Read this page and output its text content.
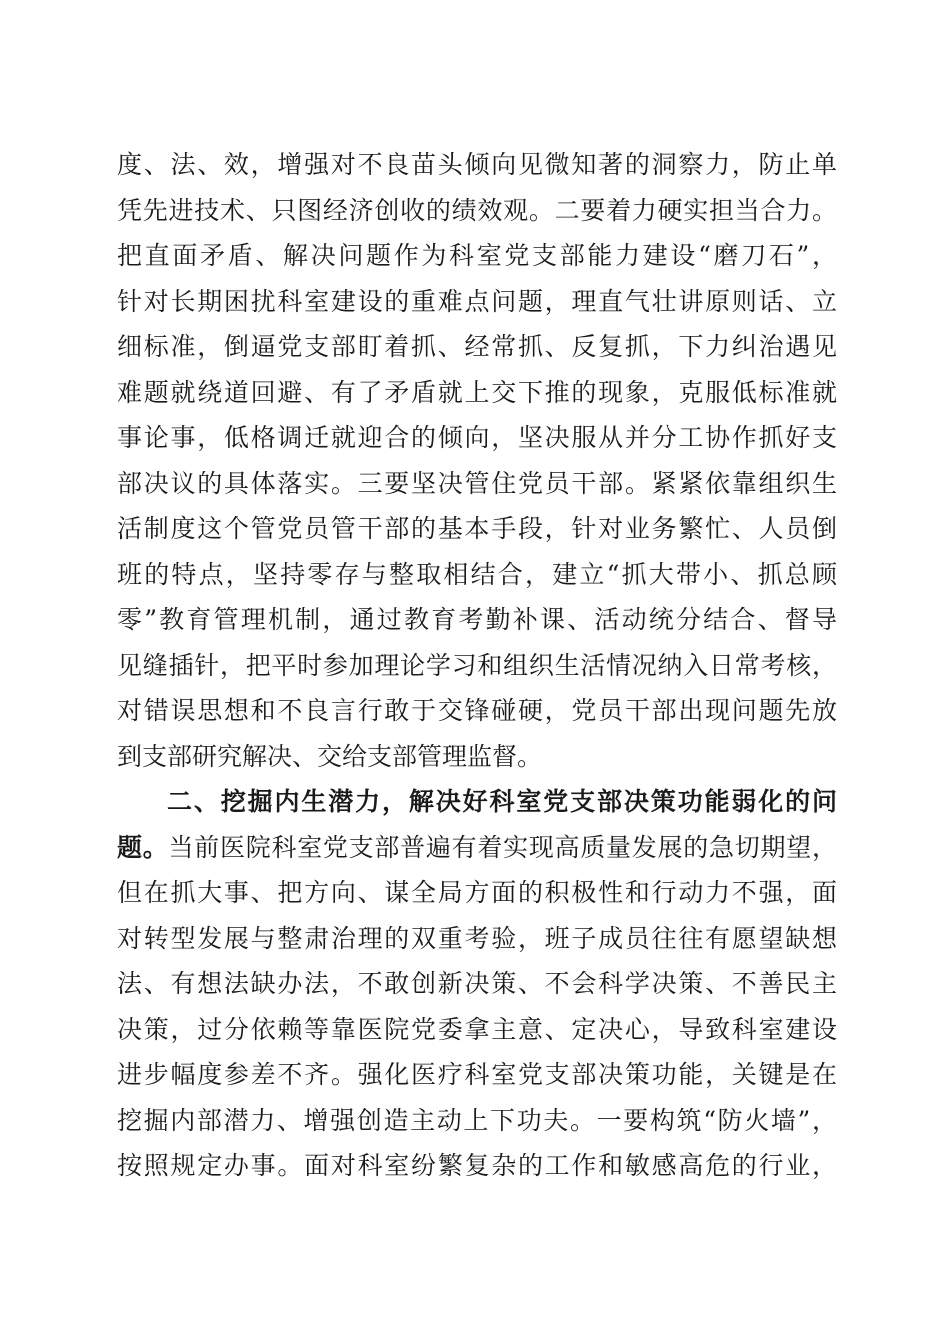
度、法、效，增强对不良苗头倾向见微知著的洞察力，防止单
凭先进技术、只图经济创收的绩效观。二要着力硬实担当合力。
把直面矛盾、解决问题作为科室党支部能力建设“磨刀石”，
针对长期困扰科室建设的重难点问题，理直气壮讲原则话、立
细标准，倒逼党支部盯着抓、经常抓、反复抓，下力纠治遇见
难题就绕道回避、有了矛盾就上交下推的现象，克服低标准就
事论事，低格调迁就迎合的倾向，坚决服从并分工协作抓好支
部决议的具体落实。三要坚决管住党员干部。紧紧依靠组织生
活制度这个管党员管干部的基本手段，针对业务繁忙、人员倒
班的特点，坚持零存与整取相结合，建立“抓大带小、抓总顾
零”教育管理机制，通过教育考勤补课、活动统分结合、督导
见缝插针，把平时参加理论学习和组织生活情况纳入日常考核，
对错误思想和不良言行敢于交锋碰硬，党员干部出现问题先放
到支部研究解决、交给支部管理监督。
二、挖掘内生潜力，解决好科室党支部决策功能弱化的问
题。当前医院科室党支部普遍有着实现高质量发展的急切期望，
但在抓大事、把方向、谋全局方面的积极性和行动力不强，面
对转型发展与整肃治理的双重考验，班子成员往往有愿望缺想
法、有想法缺办法，不敢创新决策、不会科学决策、不善民主
决策，过分依赖等靠医院党委拿主意、定决心，导致科室建设
进步幅度参差不齐。强化医疗科室党支部决策功能，关键是在
挖掘内部潜力、增强创造主动上下功夫。一要构筑“防火墙”，
按照规定办事。面对科室纷繁复杂的工作和敏感高危的行业，
